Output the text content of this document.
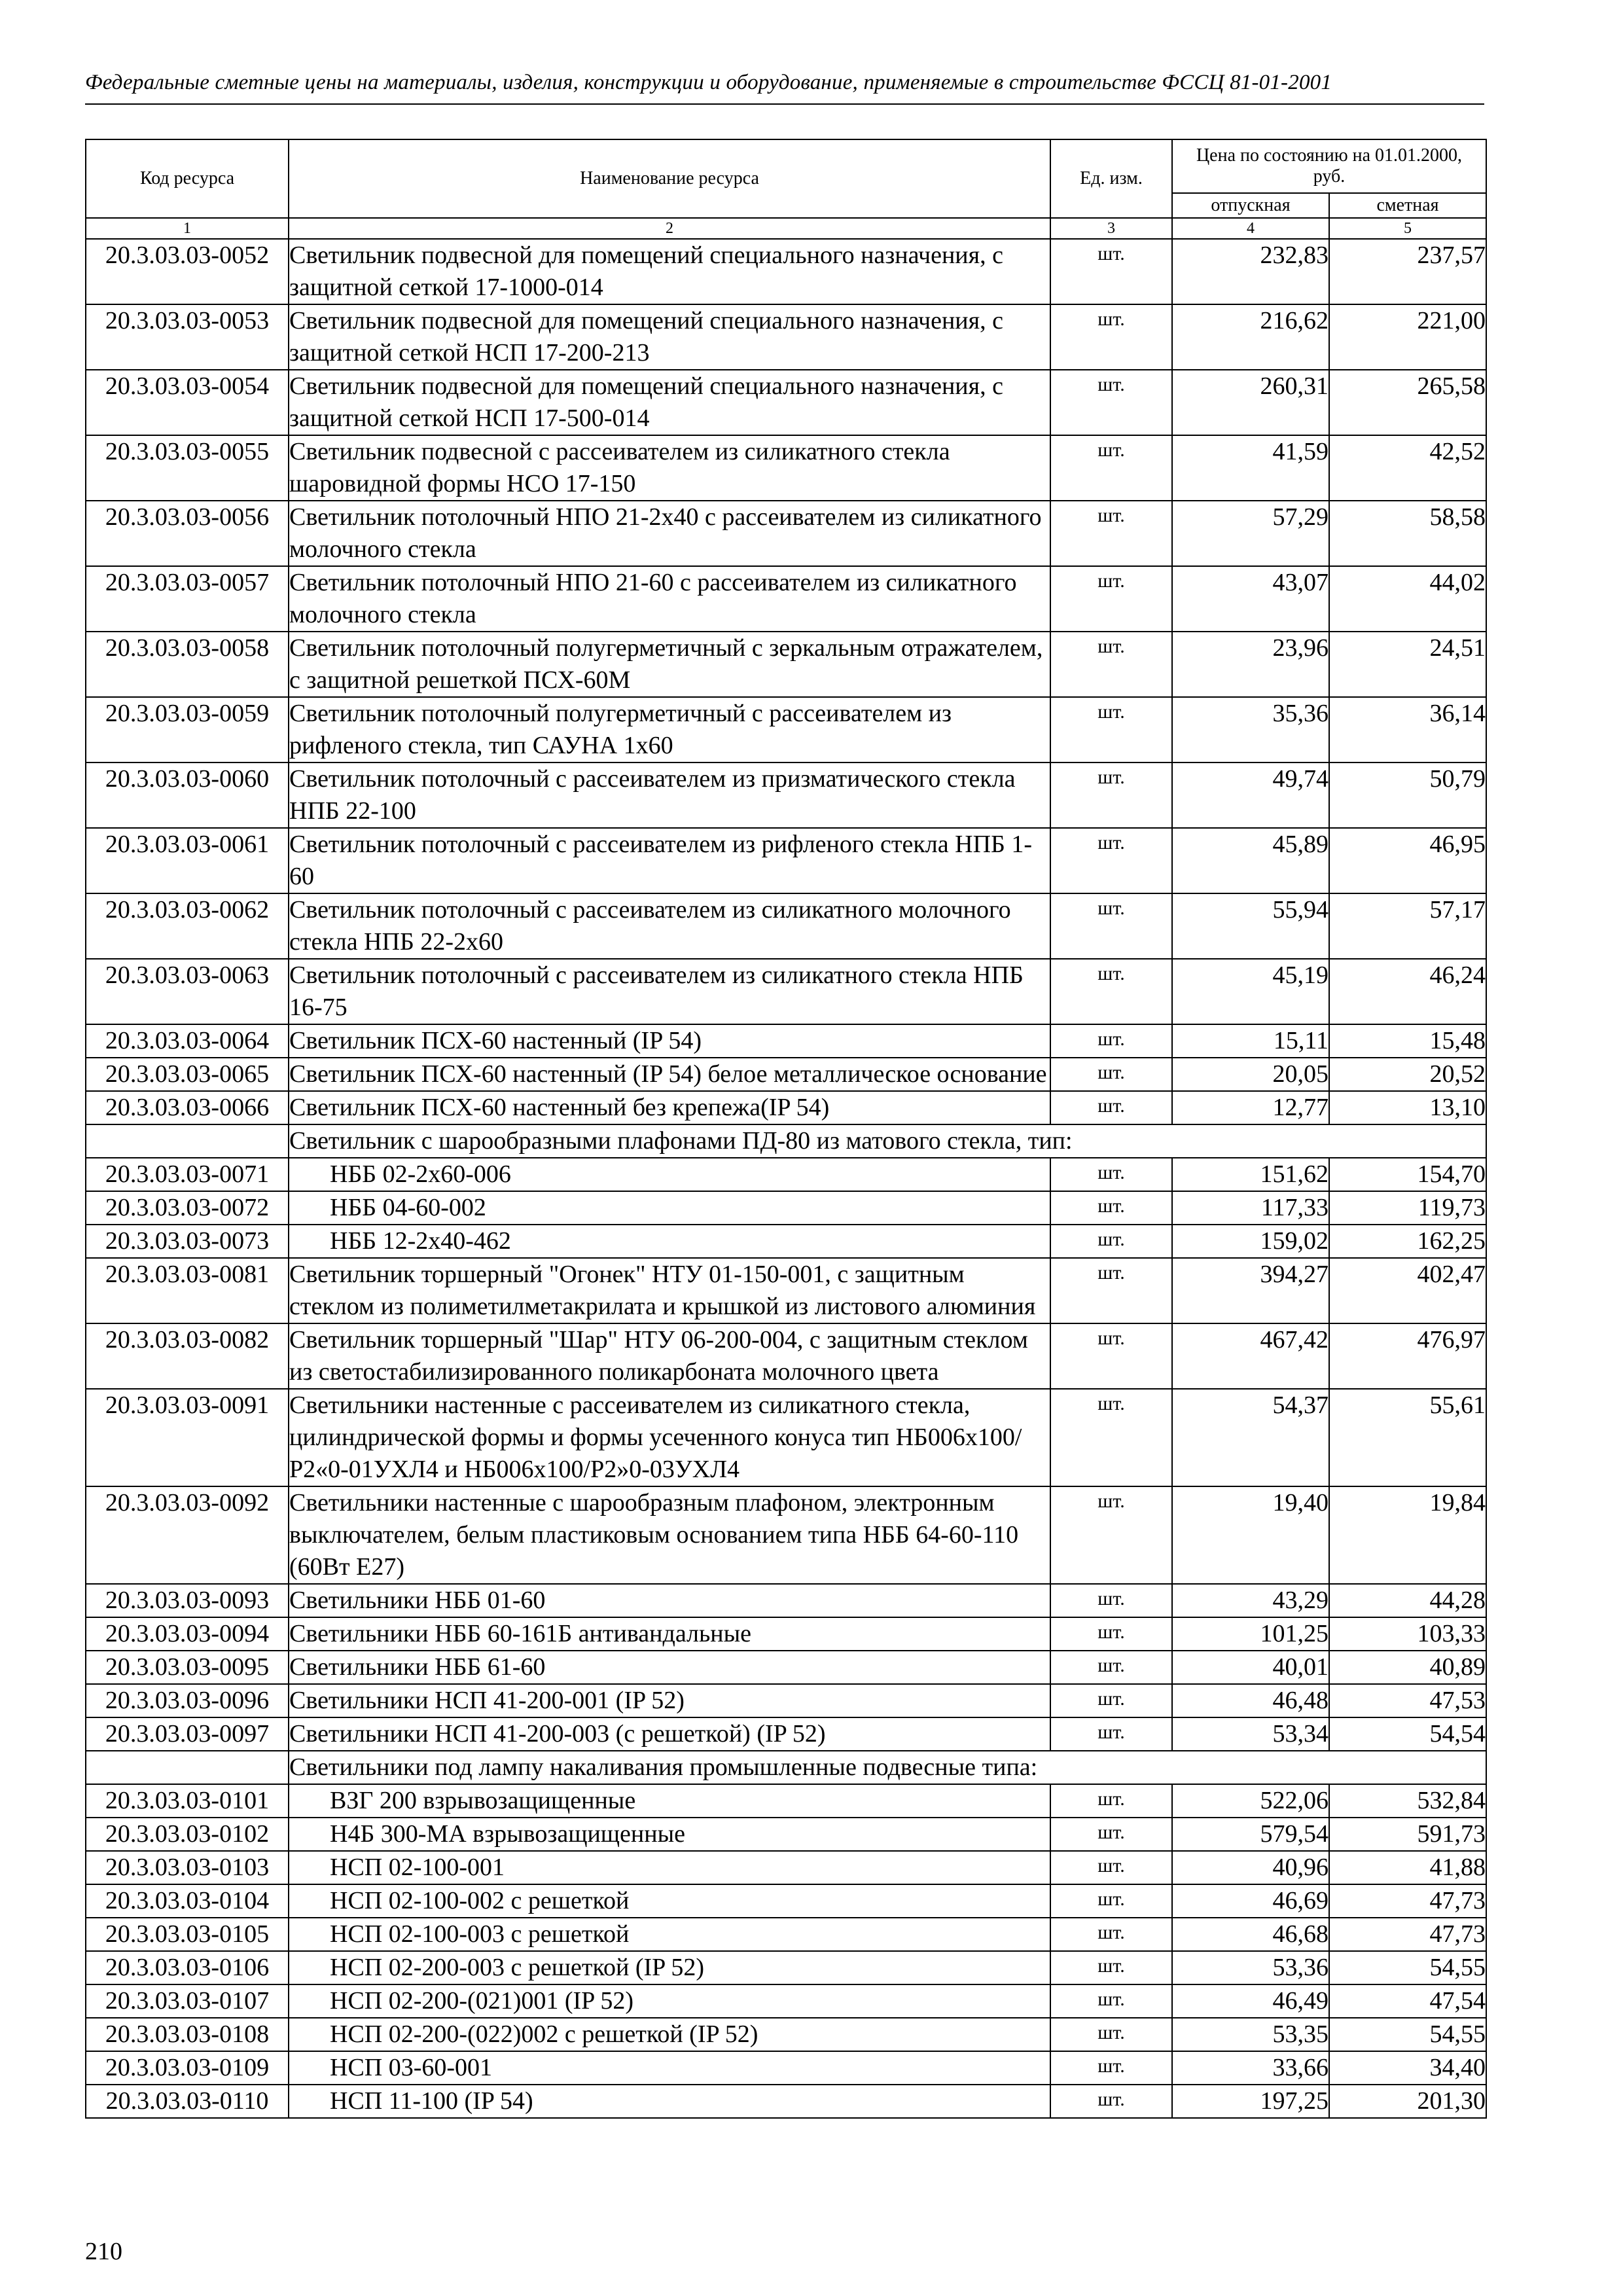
Федеральные сметные цены на материалы, изделия, конструкции и оборудование, применяемые в строительстве ФССЦ 81-01-2001
Код ресурса	Наименование ресурса	Ед. изм.	Цена по состоянию на 01.01.2000, руб.	
			отпускная	сметная
1	2	3	4	5
20.3.03.03-0052	Светильник подвесной для помещений специального назначения, с защитной сеткой 17-1000-014	шт.	232,83	237,57
20.3.03.03-0053	Светильник подвесной для помещений специального назначения, с защитной сеткой НСП 17-200-213	шт.	216,62	221,00
20.3.03.03-0054	Светильник подвесной для помещений специального назначения, с защитной сеткой НСП 17-500-014	шт.	260,31	265,58
20.3.03.03-0055	Светильник подвесной с рассеивателем из силикатного стекла шаровидной формы НСО 17-150	шт.	41,59	42,52
20.3.03.03-0056	Светильник потолочный НПО 21-2х40 с рассеивателем из силикатного молочного стекла	шт.	57,29	58,58
20.3.03.03-0057	Светильник потолочный НПО 21-60 с рассеивателем из силикатного молочного стекла	шт.	43,07	44,02
20.3.03.03-0058	Светильник потолочный полугерметичный с зеркальным отражателем, с защитной решеткой ПСХ-60М	шт.	23,96	24,51
20.3.03.03-0059	Светильник потолочный полугерметичный с рассеивателем из рифленого стекла, тип САУНА 1х60	шт.	35,36	36,14
20.3.03.03-0060	Светильник потолочный с рассеивателем из призматического стекла НПБ 22-100	шт.	49,74	50,79
20.3.03.03-0061	Светильник потолочный с рассеивателем из рифленого стекла НПБ 1-60	шт.	45,89	46,95
20.3.03.03-0062	Светильник потолочный с рассеивателем из силикатного молочного стекла НПБ 22-2х60	шт.	55,94	57,17
20.3.03.03-0063	Светильник потолочный с рассеивателем из силикатного стекла НПБ 16-75	шт.	45,19	46,24
20.3.03.03-0064	Светильник ПСХ-60 настенный (IP 54)	шт.	15,11	15,48
20.3.03.03-0065	Светильник ПСХ-60 настенный (IP 54) белое металлическое основание	шт.	20,05	20,52
20.3.03.03-0066	Светильник ПСХ-60 настенный без крепежа(IP 54)	шт.	12,77	13,10
	Светильник с шарообразными плафонами ПД-80 из матового стекла, тип:			
20.3.03.03-0071	НББ 02-2х60-006	шт.	151,62	154,70
20.3.03.03-0072	НББ 04-60-002	шт.	117,33	119,73
20.3.03.03-0073	НББ 12-2х40-462	шт.	159,02	162,25
20.3.03.03-0081	Светильник торшерный "Огонек" НТУ 01-150-001, с защитным стеклом из полиметилметакрилата и крышкой из листового алюминия	шт.	394,27	402,47
20.3.03.03-0082	Светильник торшерный "Шар" НТУ 06-200-004, с защитным стеклом из светостабилизированного поликарбоната молочного цвета	шт.	467,42	476,97
20.3.03.03-0091	Светильники настенные с рассеивателем из силикатного стекла, цилиндрической формы и формы усеченного конуса тип НБ006х100/Р2«0-01УХЛ4 и НБ006х100/Р2»0-03УХЛ4	шт.	54,37	55,61
20.3.03.03-0092	Светильники настенные с шарообразным плафоном, электронным выключателем, белым пластиковым основанием типа НББ 64-60-110 (60Вт Е27)	шт.	19,40	19,84
20.3.03.03-0093	Светильники НББ 01-60	шт.	43,29	44,28
20.3.03.03-0094	Светильники НББ 60-161Б антивандальные	шт.	101,25	103,33
20.3.03.03-0095	Светильники НББ 61-60	шт.	40,01	40,89
20.3.03.03-0096	Светильники НСП 41-200-001 (IP 52)	шт.	46,48	47,53
20.3.03.03-0097	Светильники НСП 41-200-003 (с решеткой) (IP 52)	шт.	53,34	54,54
	Светильники под лампу накаливания промышленные подвесные типа:			
20.3.03.03-0101	ВЗГ 200 взрывозащищенные	шт.	522,06	532,84
20.3.03.03-0102	Н4Б 300-МА взрывозащищенные	шт.	579,54	591,73
20.3.03.03-0103	НСП 02-100-001	шт.	40,96	41,88
20.3.03.03-0104	НСП 02-100-002 с решеткой	шт.	46,69	47,73
20.3.03.03-0105	НСП 02-100-003 с решеткой	шт.	46,68	47,73
20.3.03.03-0106	НСП 02-200-003 с решеткой (IP 52)	шт.	53,36	54,55
20.3.03.03-0107	НСП 02-200-(021)001 (IP 52)	шт.	46,49	47,54
20.3.03.03-0108	НСП 02-200-(022)002 с решеткой (IP 52)	шт.	53,35	54,55
20.3.03.03-0109	НСП 03-60-001	шт.	33,66	34,40
20.3.03.03-0110	НСП 11-100 (IP 54)	шт.	197,25	201,30
210
